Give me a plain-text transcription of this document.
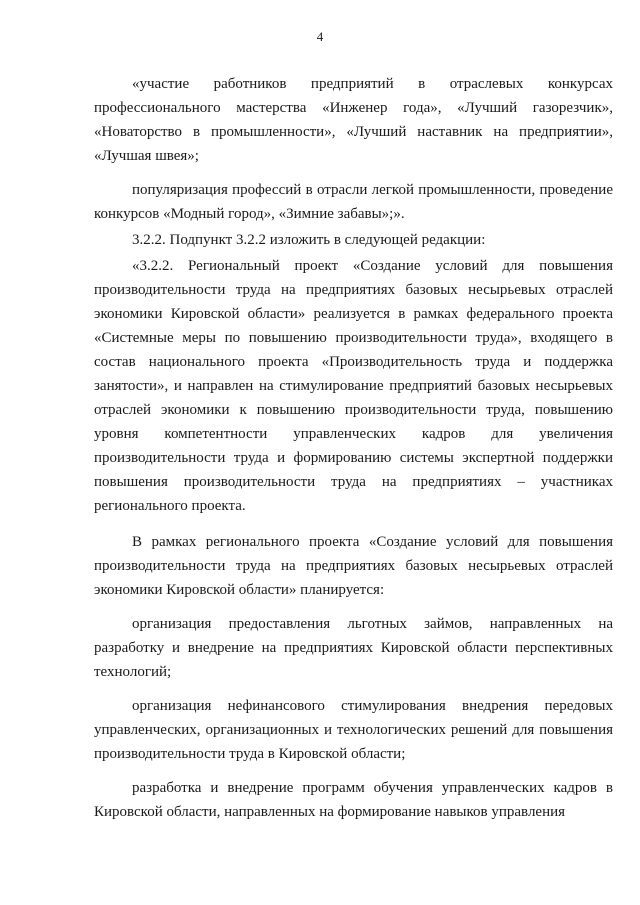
4

«участие работников предприятий в отраслевых конкурсах профессионального мастерства «Инженер года», «Лучший газорезчик», «Новаторство в промышленности», «Лучший наставник на предприятии», «Лучшая швея»;

популяризация профессий в отрасли легкой промышленности, проведение конкурсов «Модный город», «Зимние забавы»;».

3.2.2. Подпункт 3.2.2 изложить в следующей редакции:

«3.2.2. Региональный проект «Создание условий для повышения производительности труда на предприятиях базовых несырьевых отраслей экономики Кировской области» реализуется в рамках федерального проекта «Системные меры по повышению производительности труда», входящего в состав национального проекта «Производительность труда и поддержка занятости», и направлен на стимулирование предприятий базовых несырьевых отраслей экономики к повышению производительности труда, повышению уровня компетентности управленческих кадров для увеличения производительности труда и формированию системы экспертной поддержки повышения производительности труда на предприятиях – участниках регионального проекта.

В рамках регионального проекта «Создание условий для повышения производительности труда на предприятиях базовых несырьевых отраслей экономики Кировской области» планируется:

организация предоставления льготных займов, направленных на разработку и внедрение на предприятиях Кировской области перспективных технологий;

организация нефинансового стимулирования внедрения передовых управленческих, организационных и технологических решений для повышения производительности труда в Кировской области;

разработка и внедрение программ обучения управленческих кадров в Кировской области, направленных на формирование навыков управления
